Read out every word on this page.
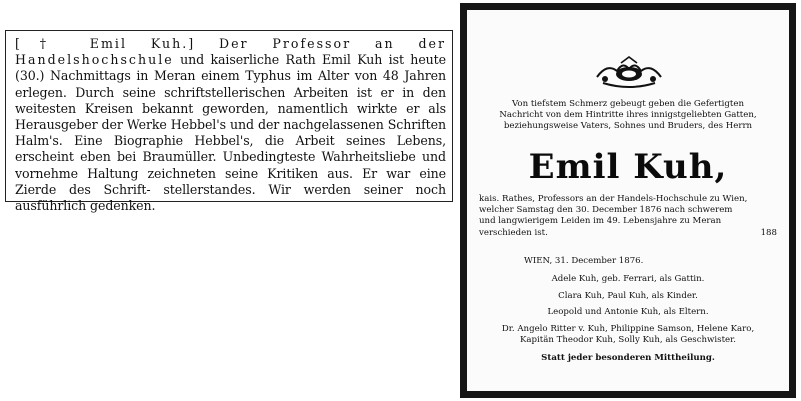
[† Emil Kuh.] Der Professor an der Handelshochschule und kaiserliche Rath Emil Kuh ist heute (30.) Nachmittags in Meran einem Typhus im Alter von 48 Jahren erlegen. Durch seine schriftstellerischen Arbeiten ist er in den weitesten Kreisen bekannt geworden, namentlich wirkte er als Herausgeber der Werke Hebbel's und der nachgelassenen Schriften Halm's. Eine Biographie Hebbel's, die Arbeit seines Lebens, erscheint eben bei Braumüller. Unbedingteste Wahrheitsliebe und vornehme Haltung zeichneten seine Kritiken aus. Er war eine Zierde des Schrift- stellerstandes. Wir werden seiner noch ausführlich gedenken.

Von tiefstem Schmerz gebeugt geben die Gefertigten
Nachricht von dem Hintritte ihres innigstgeliebten Gatten,
beziehungsweise Vaters, Sohnes und Bruders, des Herrn
Emil Kuh,
kais. Rathes, Professors an der Handels-Hochschule zu Wien,
welcher Samstag den 30. December 1876 nach schwerem
und langwierigem Leiden im 49. Lebensjahre zu Meran
verschieden ist.	188
WIEN, 31. December 1876.
Adele Kuh, geb. Ferrari, als Gattin.
Clara Kuh, Paul Kuh, als Kinder.
Leopold und Antonie Kuh, als Eltern.
Dr. Angelo Ritter v. Kuh, Philippine Samson, Helene Karo,
Kapitän Theodor Kuh, Solly Kuh, als Geschwister.
Statt jeder besonderen Mittheilung.
